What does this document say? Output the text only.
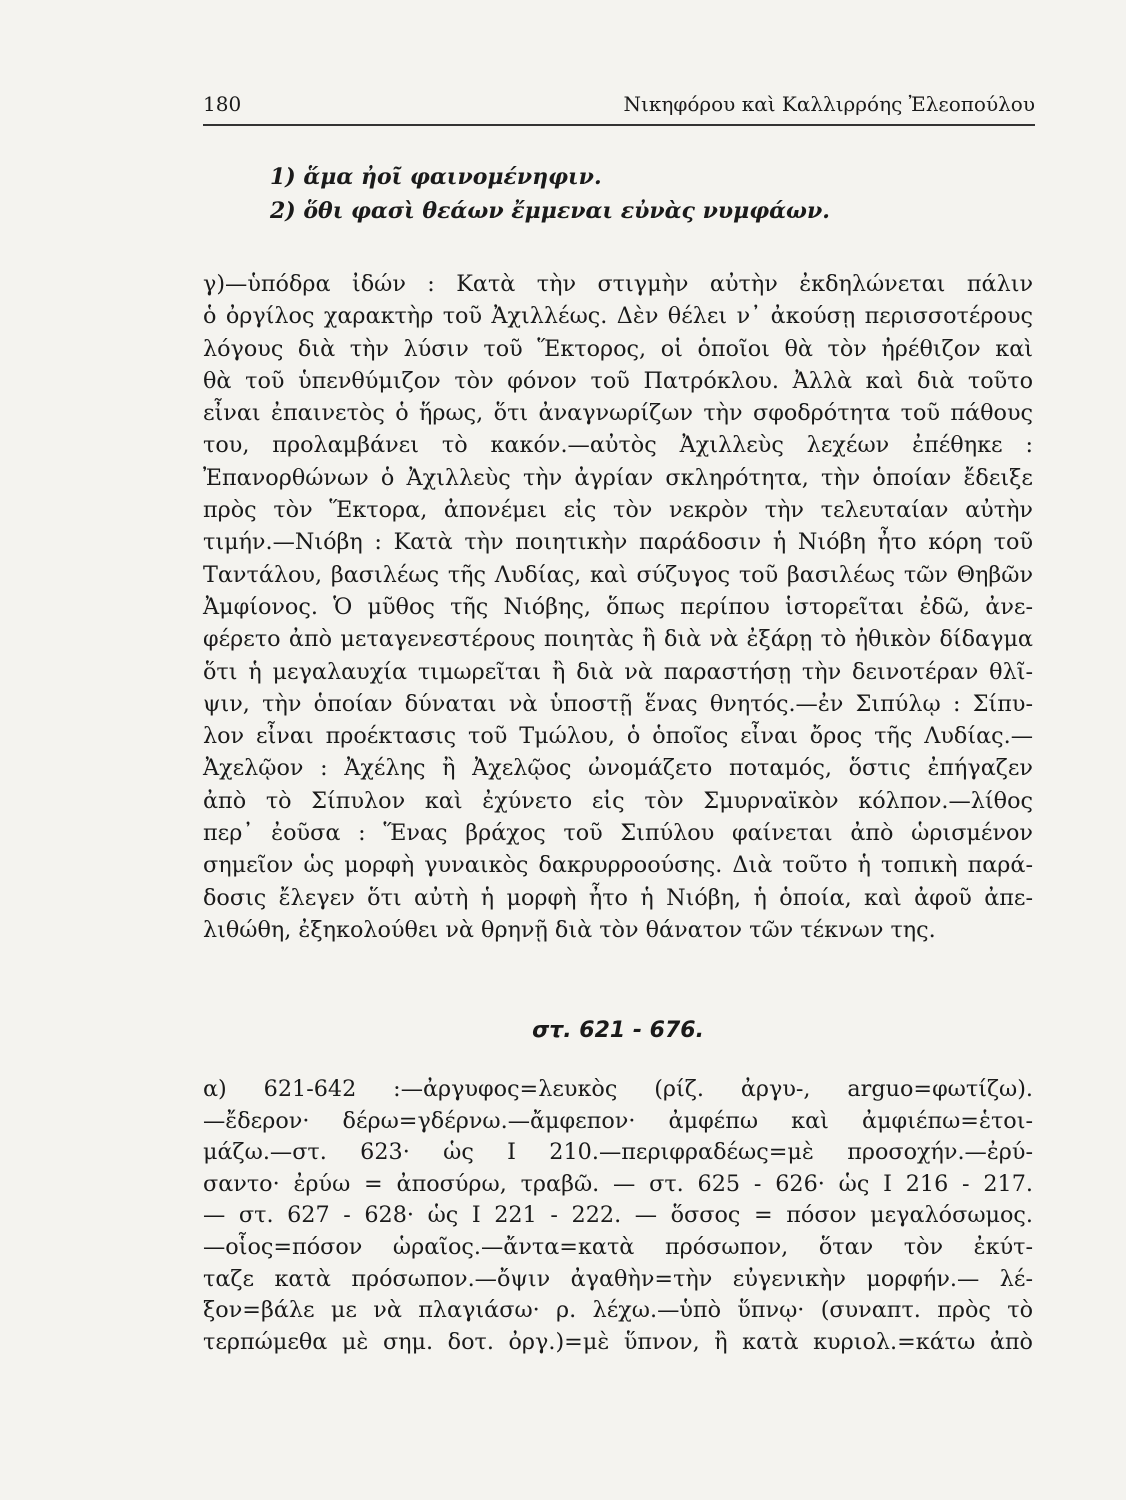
180	Νικηφόρου καὶ Καλλιρρόης Ἐλεοπούλου
1) ἅμα ἠοῖ φαινομένηφιν.
2) ὅθι φασὶ θεάων ἔμμεναι εὐνὰς νυμφάων.
γ)—ὑπόδρα ἰδών : Κατὰ τὴν στιγμὴν αὐτὴν ἐκδηλώνεται πάλιν
ὁ ὀργίλος χαρακτὴρ τοῦ Ἀχιλλέως. Δὲν θέλει ν᾽ ἀκούσῃ περισσοτέρους
λόγους διὰ τὴν λύσιν τοῦ Ἕκτορος, οἱ ὁποῖοι θὰ τὸν ἠρέθιζον καὶ
θὰ τοῦ ὑπενθύμιζον τὸν φόνον τοῦ Πατρόκλου. Ἀλλὰ καὶ διὰ τοῦτο
εἶναι ἐπαινετὸς ὁ ἥρως, ὅτι ἀναγνωρίζων τὴν σφοδρότητα τοῦ πάθους
του, προλαμβάνει τὸ κακόν.—αὐτὸς Ἀχιλλεὺς λεχέων ἐπέθηκε :
Ἐπανορθώνων ὁ Ἀχιλλεὺς τὴν ἀγρίαν σκληρότητα, τὴν ὁποίαν ἔδειξε
πρὸς τὸν Ἕκτορα, ἀπονέμει εἰς τὸν νεκρὸν τὴν τελευταίαν αὐτὴν
τιμήν.—Νιόβη : Κατὰ τὴν ποιητικὴν παράδοσιν ἡ Νιόβη ἦτο κόρη τοῦ
Ταντάλου, βασιλέως τῆς Λυδίας, καὶ σύζυγος τοῦ βασιλέως τῶν Θηβῶν
Ἀμφίονος. Ὁ μῦθος τῆς Νιόβης, ὅπως περίπου ἱστορεῖται ἐδῶ, ἀνε-
φέρετο ἀπὸ μεταγενεστέρους ποιητὰς ἢ διὰ νὰ ἐξάρῃ τὸ ἠθικὸν δίδαγμα
ὅτι ἡ μεγαλαυχία τιμωρεῖται ἢ διὰ νὰ παραστήσῃ τὴν δεινοτέραν θλῖ-
ψιν, τὴν ὁποίαν δύναται νὰ ὑποστῇ ἕνας θνητός.—ἐν Σιπύλῳ : Σίπυ-
λον εἶναι προέκτασις τοῦ Τμώλου, ὁ ὁποῖος εἶναι ὄρος τῆς Λυδίας.—
Ἀχελῷον : Ἀχέλης ἢ Ἀχελῷος ὠνομάζετο ποταμός, ὅστις ἐπήγαζεν
ἀπὸ τὸ Σίπυλον καὶ ἐχύνετο εἰς τὸν Σμυρναϊκὸν κόλπον.—λίθος
περ᾽ ἐοῦσα : Ἕνας βράχος τοῦ Σιπύλου φαίνεται ἀπὸ ὡρισμένον
σημεῖον ὡς μορφὴ γυναικὸς δακρυρροούσης. Διὰ τοῦτο ἡ τοπικὴ παρά-
δοσις ἔλεγεν ὅτι αὐτὴ ἡ μορφὴ ἦτο ἡ Νιόβη, ἡ ὁποία, καὶ ἀφοῦ ἀπε-
λιθώθη, ἐξηκολούθει νὰ θρηνῇ διὰ τὸν θάνατον τῶν τέκνων της.
στ. 621 - 676.
α) 621-642 :—ἀργυφος=λευκὸς (ρίζ. ἀργυ-, arguo=φωτίζω).
—ἔδερον· δέρω=γδέρνω.—ἄμφεπον· ἀμφέπω καὶ ἀμφιέπω=ἑτοι-
μάζω.—στ. 623· ὡς Ι 210.—περιφραδέως=μὲ προσοχήν.—ἐρύ-
σαντο· ἐρύω = ἀποσύρω, τραβῶ. — στ. 625 - 626· ὡς Ι 216 - 217.
— στ. 627 - 628· ὡς Ι 221 - 222. — ὅσσος = πόσον μεγαλόσωμος.
—οἷος=πόσον ὡραῖος.—ἄντα=κατὰ πρόσωπον, ὅταν τὸν ἐκύτ-
ταζε κατὰ πρόσωπον.—ὄψιν ἀγαθὴν=τὴν εὐγενικὴν μορφήν.— λέ-
ξον=βάλε με νὰ πλαγιάσω· ρ. λέχω.—ὑπὸ ὕπνῳ· (συναπτ. πρὸς τὸ
τερπώμεθα μὲ σημ. δοτ. ὀργ.)=μὲ ὕπνον, ἢ κατὰ κυριολ.=κάτω ἀπὸ
